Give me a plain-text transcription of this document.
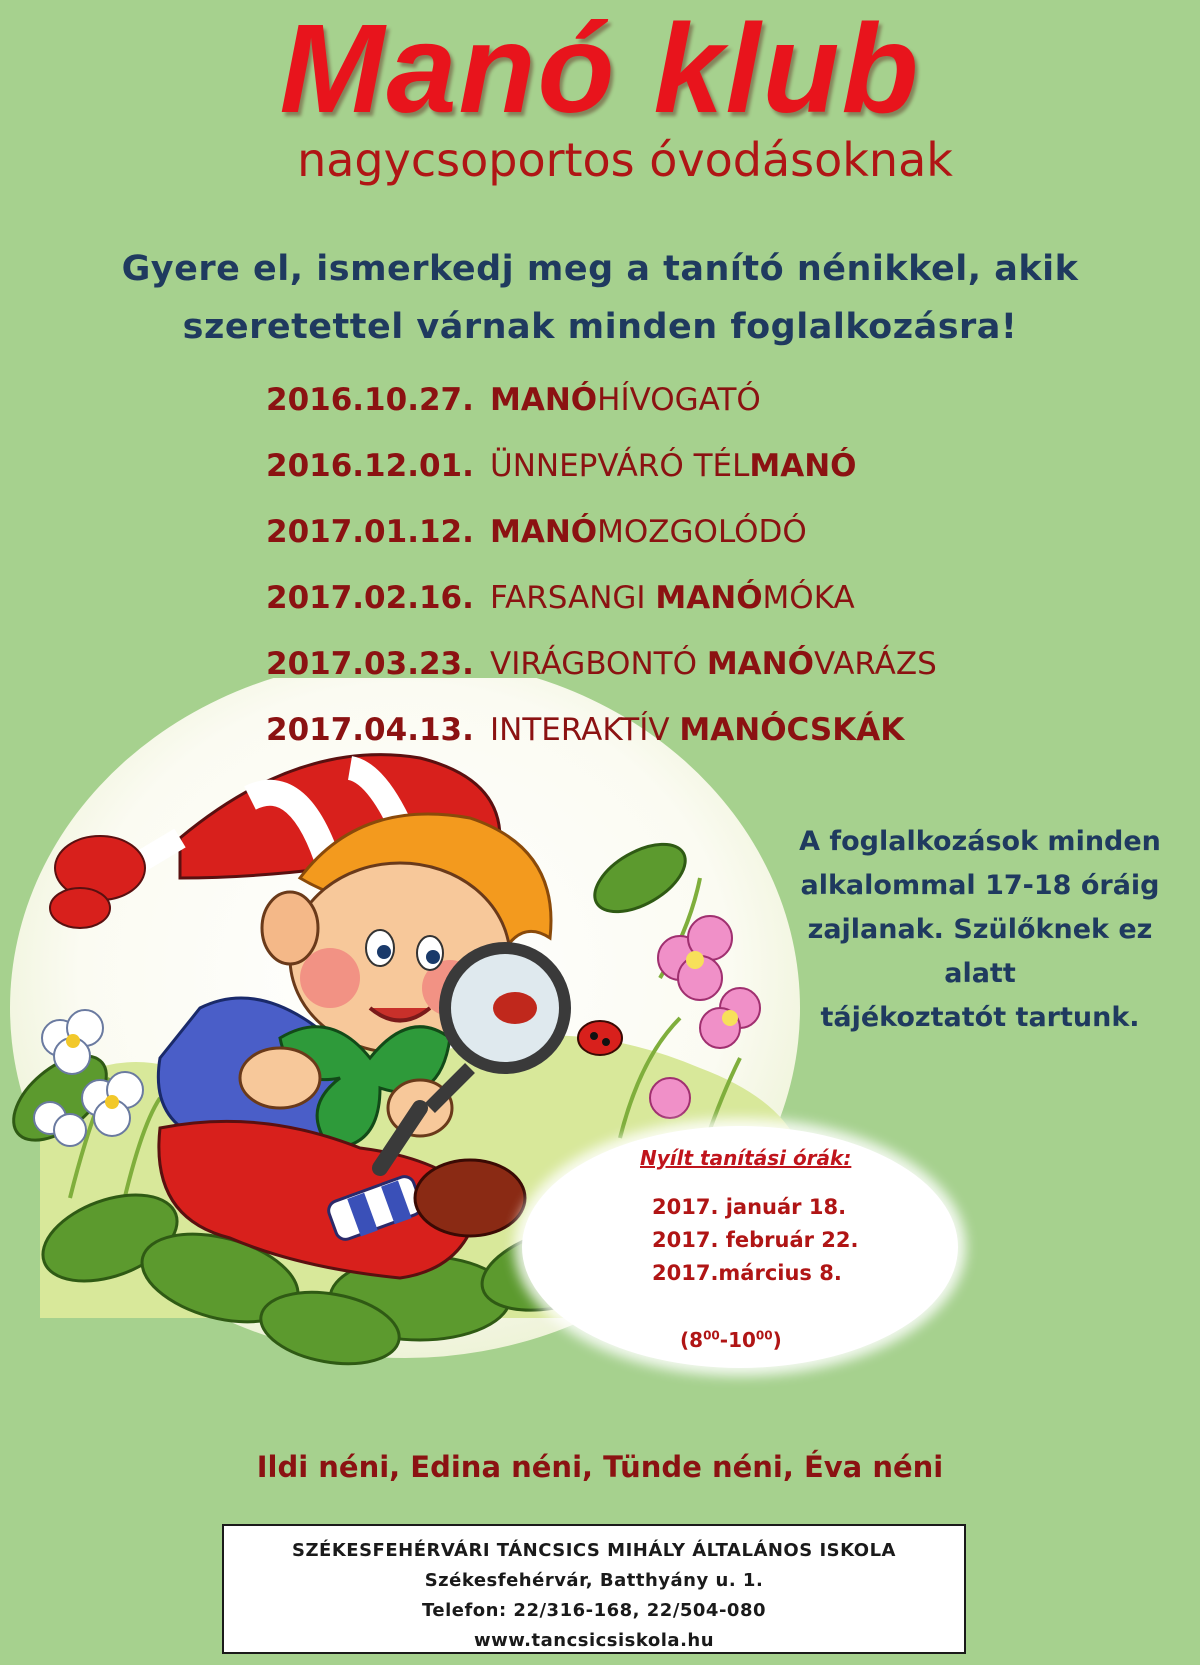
Manó klub
nagycsoportos óvodásoknak
Gyere el, ismerkedj meg a tanító nénikkel, akik
szeretettel várnak minden foglalkozásra!
2016.10.27. MANÓHÍVOGATÓ
2016.12.01. ÜNNEPVÁRÓ TÉLMANÓ
2017.01.12. MANÓMOZGOLÓDÓ
2017.02.16. FARSANGI MANÓMÓKA
2017.03.23. VIRÁGBONTÓ MANÓVARÁZS
2017.04.13. INTERAKTÍV MANÓCSKÁK
A foglalkozások minden
alkalommal 17-18 óráig
zajlanak. Szülőknek ez alatt
tájékoztatót tartunk.
Nyílt tanítási órák:
2017. január 18.
2017. február 22.
2017.március 8.
$(8^{00}-10^{00})$
Ildi néni, Edina néni, Tünde néni, Éva néni
SZÉKESFEHÉRVÁRI TÁNCSICS MIHÁLY ÁLTALÁNOS ISKOLA
Székesfehérvár, Batthyány u. 1.
Telefon: 22/316-168, 22/504-080
www.tancsicsiskola.hu
